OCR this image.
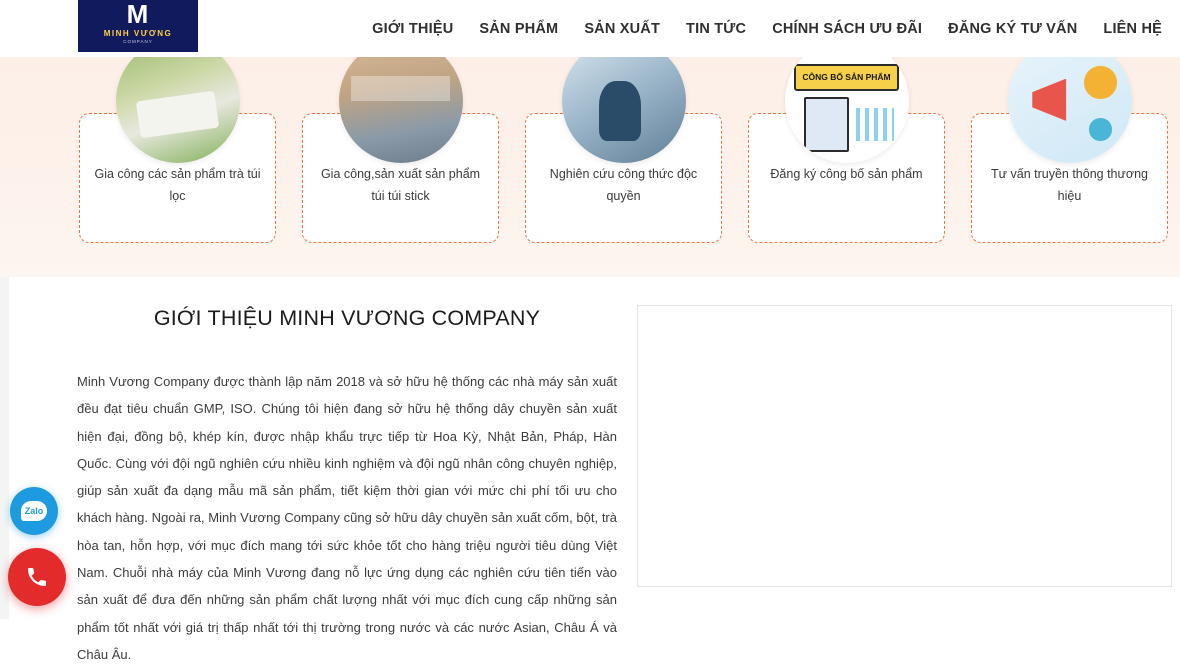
Gia công các sản phẩm trà túi lọc
Gia công,sản xuất sản phẩm túi túi stick
Nghiên cứu công thức độc quyền
CÔNG BỐ SẢN PHẨM
Đăng ký công bố sản phẩm	Tư vấn truyền thông thương hiệu
M
MINH VƯƠNG
COMPANY
GIỚI THIỆU SẢN PHẨM SẢN XUẤT TIN TỨC CHÍNH SÁCH ƯU ĐÃI ĐĂNG KÝ TƯ VẤN LIÊN HỆ
GIỚI THIỆU MINH VƯƠNG COMPANY

Minh Vương Company được thành lập năm 2018 và sở hữu hệ thống các nhà máy sản xuất đều đạt tiêu chuẩn GMP, ISO. Chúng tôi hiện đang sở hữu hệ thống dây chuyền sản xuất hiện đại, đồng bộ, khép kín, được nhập khẩu trực tiếp từ Hoa Kỳ, Nhật Bản, Pháp, Hàn Quốc. Cùng với đội ngũ nghiên cứu nhiều kinh nghiệm và đội ngũ nhân công chuyên nghiệp, giúp sản xuất đa dạng mẫu mã sản phẩm, tiết kiệm thời gian với mức chi phí tối ưu cho khách hàng. Ngoài ra, Minh Vương Company cũng sở hữu dây chuyền sản xuất cốm, bột, trà hòa tan, hỗn hợp, với mục đích mang tới sức khỏe tốt cho hàng triệu người tiêu dùng Việt Nam. Chuỗi nhà máy của Minh Vương đang nỗ lực ứng dụng các nghiên cứu tiên tiến vào sản xuất để đưa đến những sản phẩm chất lượng nhất với mục đích cung cấp những sản phẩm tốt nhất với giá trị thấp nhất tới thị trường trong nước và các nước Asian, Châu Á và Châu Âu.

Zalo
